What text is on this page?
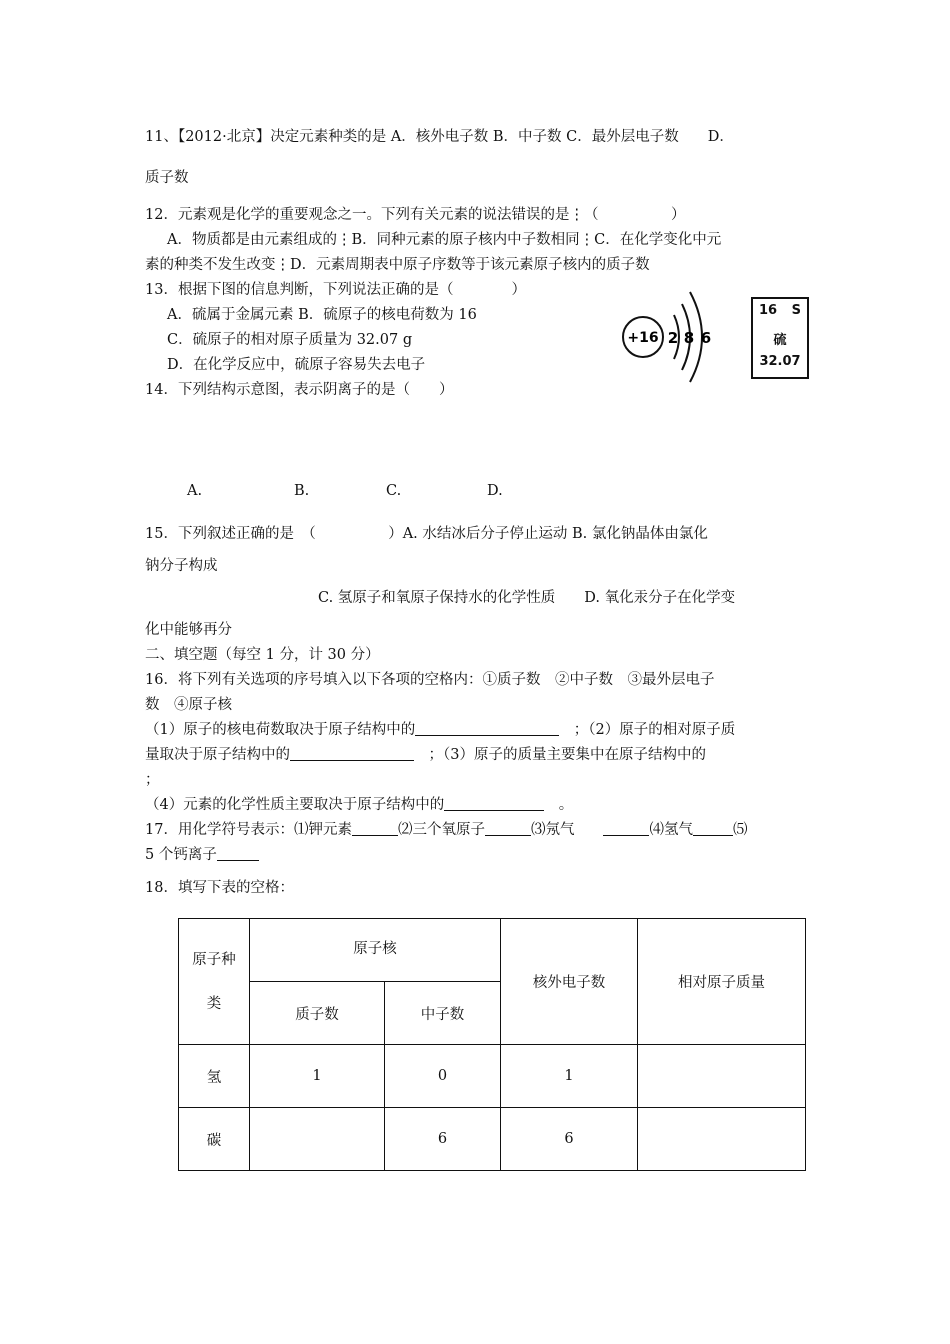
11、【2012·北京】决定元素种类的是 A．核外电子数 B．中子数 C．最外层电子数　　D．
质子数
12．元素观是化学的重要观念之一。下列有关元素的说法错误的是⋮（　　　　　）
A．物质都是由元素组成的⋮B．同种元素的原子核内中子数相同⋮C．在化学变化中元
素的种类不发生改变⋮D．元素周期表中原子序数等于该元素原子核内的质子数
13．根据下图的信息判断，下列说法正确的是（　　　　）
A．硫属于金属元素 B．硫原子的核电荷数为 16
C．硫原子的相对原子质量为 32.07 g
D．在化学反应中，硫原子容易失去电子
+16 2 8 6
16 S
硫
32.07
14．下列结构示意图，表示阴离子的是（　　）
A.	B.	C.	D.
15．下列叙述正确的是　（　　　　　）A. 水结冰后分子停止运动 B. 氯化钠晶体由氯化
钠分子构成
C. 氢原子和氧原子保持水的化学性质　　D. 氧化汞分子在化学变
化中能够再分
二、填空题（每空 1 分，计 30 分）
16．将下列有关选项的序号填入以下各项的空格内：①质子数　②中子数　③最外层电子
数　④原子核
（1）原子的核电荷数取决于原子结构中的　	；（2）原子的相对原子质
量取决于原子结构中的　	；（3）原子的质量主要集中在原子结构中的
；
（4）元素的化学性质主要取决于原子结构中的　	。
17．用化学符号表示：⑴钾元素	⑵三个氧原子	⑶氖气　　	⑷氢气	⑸
5 个钙离子
18．填写下表的空格：
原子种
类	原子核		核外电子数	相对原子质量
	质子数	中子数		
氢	1	0	1	
碳		6	6	
